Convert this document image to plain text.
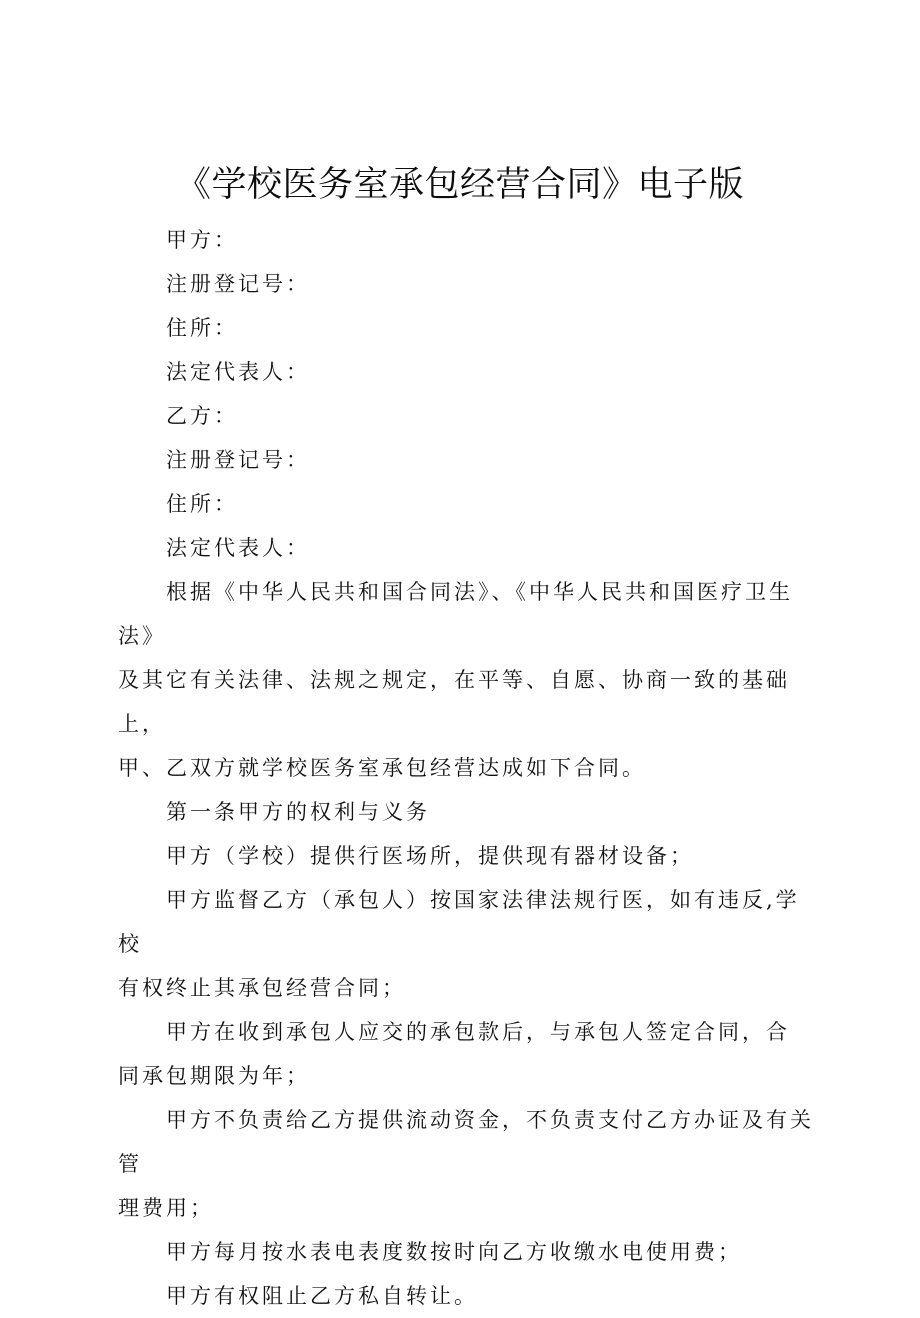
《学校医务室承包经营合同》电子版
甲方：
注册登记号：
住所：
法定代表人：
乙方：
注册登记号：
住所：
法定代表人：
根据《中华人民共和国合同法》、《中华人民共和国医疗卫生法》
及其它有关法律、法规之规定，在平等、自愿、协商一致的基础上，
甲、乙双方就学校医务室承包经营达成如下合同。
第一条甲方的权利与义务
甲方（学校）提供行医场所，提供现有器材设备；
甲方监督乙方（承包人）按国家法律法规行医，如有违反,学校
有权终止其承包经营合同；
甲方在收到承包人应交的承包款后，与承包人签定合同，合
同承包期限为年；
甲方不负责给乙方提供流动资金，不负责支付乙方办证及有关管
理费用；
甲方每月按水表电表度数按时向乙方收缴水电使用费；
甲方有权阻止乙方私自转让。
